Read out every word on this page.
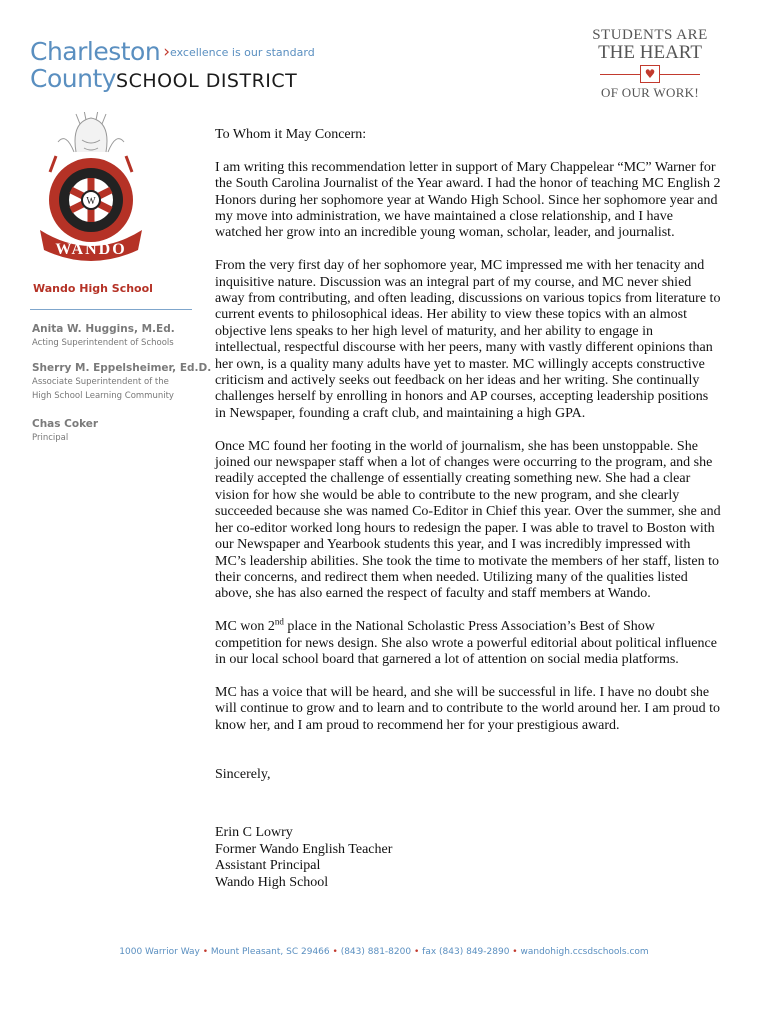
Charleston ›$^{excellence is our standard}$
CountySCHOOL DISTRICT
STUDENTS ARE
THE HEART
♥
OF OUR WORK!
W
WANDO
Wando High School
Anita W. Huggins, M.Ed.
Acting Superintendent of Schools
Sherry M. Eppelsheimer, Ed.D.
Associate Superintendent of the
High School Learning Community
Chas Coker
Principal

To Whom it May Concern:

I am writing this recommendation letter in support of Mary Chappelear “MC” Warner for the South Carolina Journalist of the Year award. I had the honor of teaching MC English 2 Honors during her sophomore year at Wando High School. Since her sophomore year and my move into administration, we have maintained a close relationship, and I have watched her grow into an incredible young woman, scholar, leader, and journalist.

From the very first day of her sophomore year, MC impressed me with her tenacity and inquisitive nature. Discussion was an integral part of my course, and MC never shied away from contributing, and often leading, discussions on various topics from literature to current events to philosophical ideas. Her ability to view these topics with an almost objective lens speaks to her high level of maturity, and her ability to engage in intellectual, respectful discourse with her peers, many with vastly different opinions than her own, is a quality many adults have yet to master. MC willingly accepts constructive criticism and actively seeks out feedback on her ideas and her writing. She continually challenges herself by enrolling in honors and AP courses, accepting leadership positions in Newspaper, founding a craft club, and maintaining a high GPA.

Once MC found her footing in the world of journalism, she has been unstoppable. She joined our newspaper staff when a lot of changes were occurring to the program, and she readily accepted the challenge of essentially creating something new. She had a clear vision for how she would be able to contribute to the new program, and she clearly succeeded because she was named Co-Editor in Chief this year. Over the summer, she and her co-editor worked long hours to redesign the paper. I was able to travel to Boston with our Newspaper and Yearbook students this year, and I was incredibly impressed with MC’s leadership abilities. She took the time to motivate the members of her staff, listen to their concerns, and redirect them when needed. Utilizing many of the qualities listed above, she has also earned the respect of faculty and staff members at Wando.

MC won 2nd place in the National Scholastic Press Association’s Best of Show competition for news design. She also wrote a powerful editorial about political influence in our local school board that garnered a lot of attention on social media platforms.

MC has a voice that will be heard, and she will be successful in life. I have no doubt she will continue to grow and to learn and to contribute to the world around her. I am proud to know her, and I am proud to recommend her for your prestigious award.

Sincerely,

Erin C Lowry
Former Wando English Teacher
Assistant Principal
Wando High School
1000 Warrior Way • Mount Pleasant, SC 29466 • (843) 881-8200 • fax (843) 849-2890 • wandohigh.ccsdschools.com
